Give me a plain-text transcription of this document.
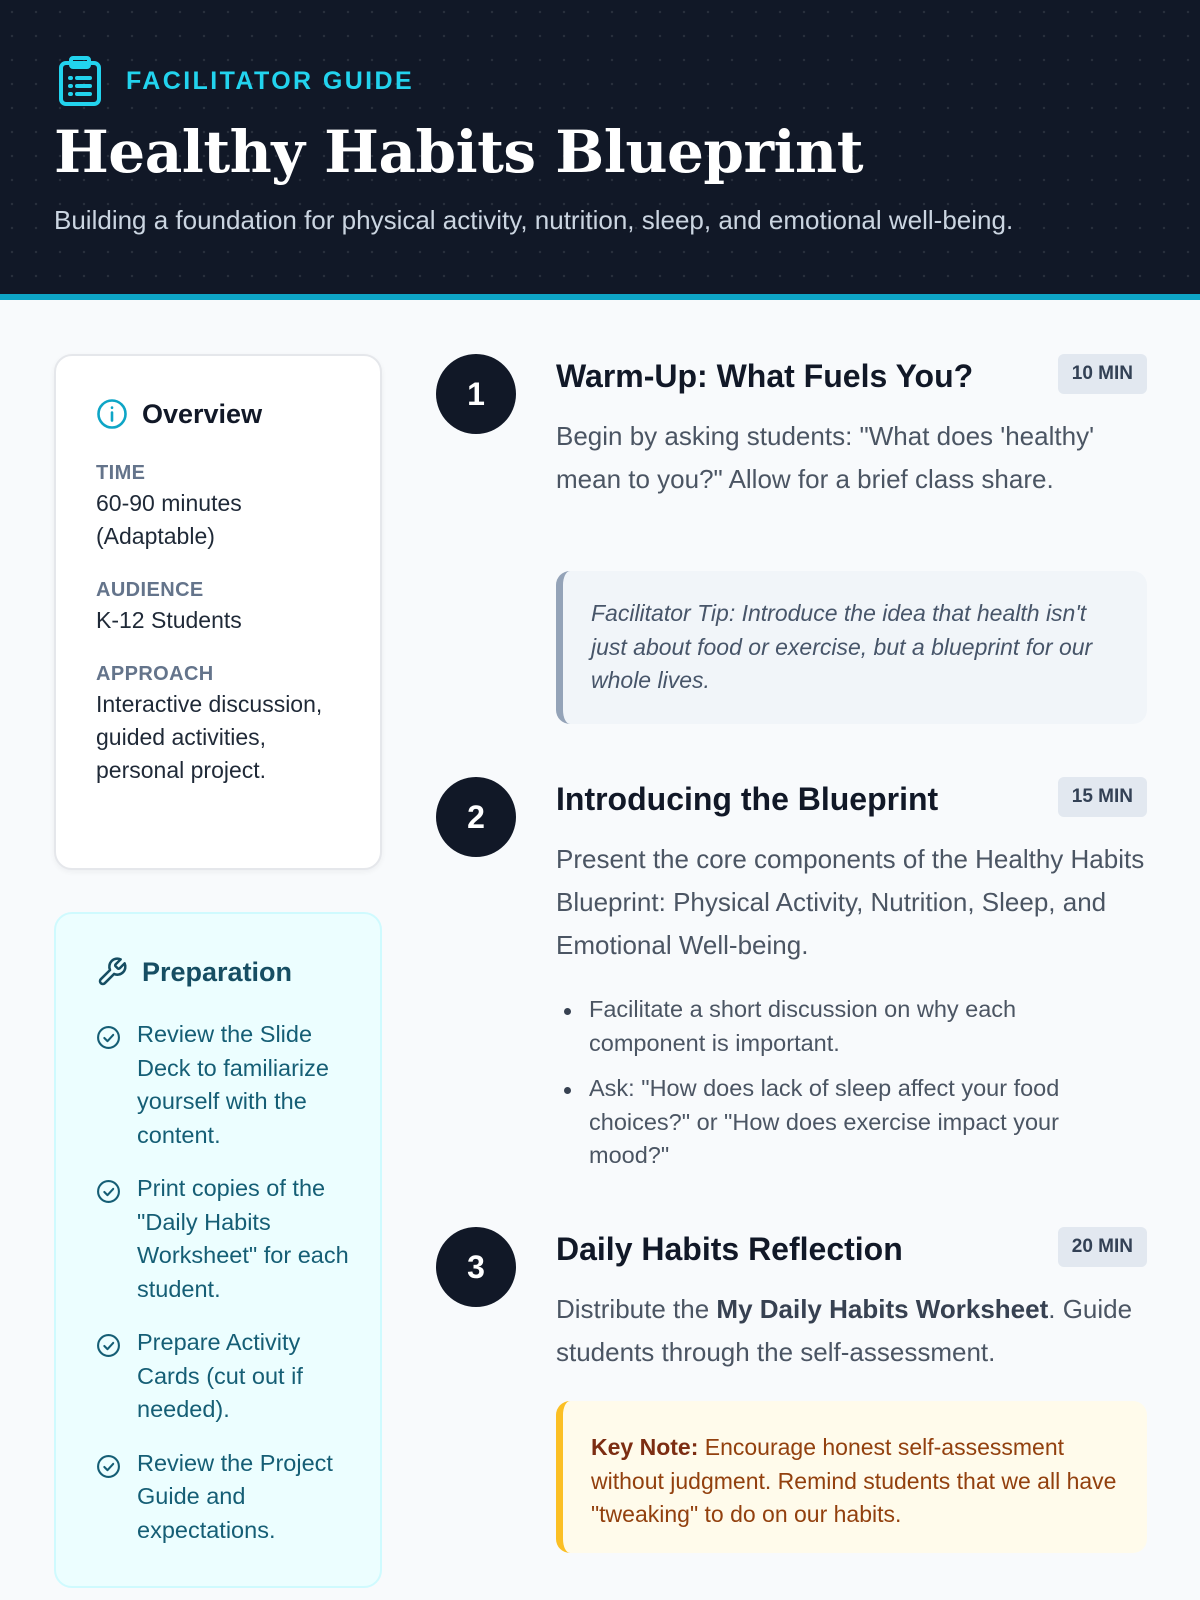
FACILITATOR GUIDE
Healthy Habits Blueprint

Building a foundation for physical activity, nutrition, sleep, and emotional well-being.

Overview
TIME
60-90 minutes (Adaptable)
AUDIENCE
K-12 Students
APPROACH
Interactive discussion, guided activities, personal project.
Preparation
Review the Slide Deck to familiarize yourself with the content.
Print copies of the "Daily Habits Worksheet" for each student.
Prepare Activity Cards (cut out if needed).
Review the Project Guide and expectations.
1	Warm-Up: What Fuels You?	10 MIN

Begin by asking students: "What does 'healthy' mean to you?" Allow for a brief class share.

Facilitator Tip: Introduce the idea that health isn't just about food or exercise, but a blueprint for our whole lives.
2	Introducing the Blueprint	15 MIN

Present the core components of the Healthy Habits Blueprint: Physical Activity, Nutrition, Sleep, and Emotional Well-being.

Facilitate a short discussion on why each component is important.
Ask: "How does lack of sleep affect your food choices?" or "How does exercise impact your mood?"
3	Daily Habits Reflection	20 MIN

Distribute the My Daily Habits Worksheet. Guide students through the self-assessment.

Key Note: Encourage honest self-assessment without judgment. Remind students that we all have "tweaking" to do on our habits.
